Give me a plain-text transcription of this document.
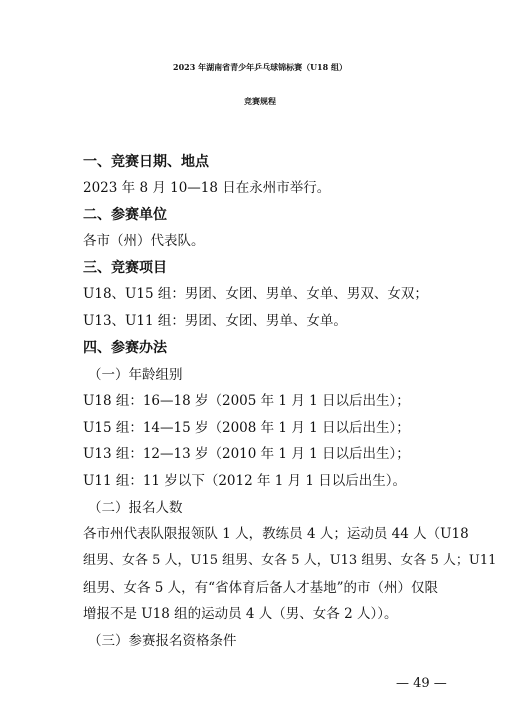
2023 年湖南省青少年乒乓球锦标赛（U18 组）
竞赛规程
一、竞赛日期、地点
2023 年 8 月 10—18 日在永州市举行。
二、参赛单位
各市（州）代表队。
三、竞赛项目
U18、U15 组：男团、女团、男单、女单、男双、女双；
U13、U11 组：男团、女团、男单、女单。
四、参赛办法
（一）年龄组别
U18 组：16—18 岁（2005 年 1 月 1 日以后出生）；
U15 组：14—15 岁（2008 年 1 月 1 日以后出生）；
U13 组：12—13 岁（2010 年 1 月 1 日以后出生）；
U11 组：11 岁以下（2012 年 1 月 1 日以后出生）。
（二）报名人数
各市州代表队限报领队 1 人，教练员 4 人；运动员 44 人（U18
组男、女各 5 人，U15 组男、女各 5 人，U13 组男、女各 5 人；U11
组男、女各 5 人，有“省体育后备人才基地”的市（州）仅限
增报不是 U18 组的运动员 4 人（男、女各 2 人））。
（三）参赛报名资格条件
— 49 —
